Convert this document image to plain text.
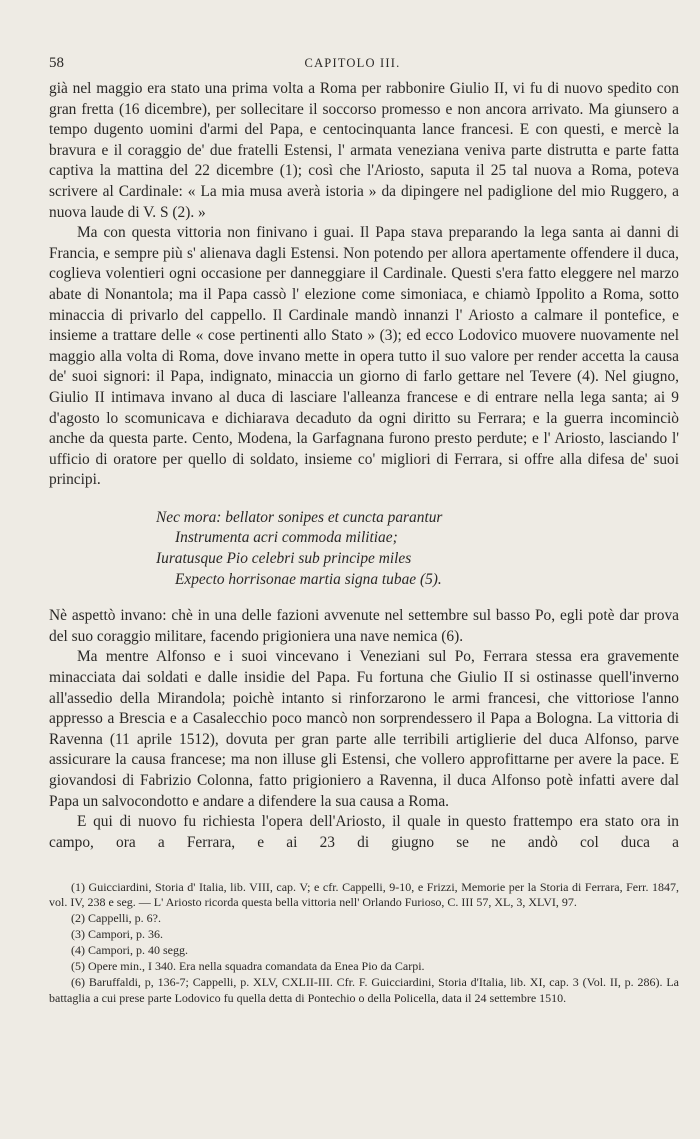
58	CAPITOLO III.

già nel maggio era stato una prima volta a Roma per rabbonire Giulio II, vi fu di nuovo spedito con gran fretta (16 dicembre), per sollecitare il soccorso promesso e non ancora arrivato. Ma giunsero a tempo dugento uomini d'armi del Papa, e centocinquanta lance francesi. E con questi, e mercè la bravura e il coraggio de' due fratelli Estensi, l' armata veneziana veniva parte distrutta e parte fatta captiva la mattina del 22 dicembre (1); così che l'Ariosto, saputa il 25 tal nuova a Roma, poteva scrivere al Cardinale: « La mia musa averà istoria » da dipingere nel padiglione del mio Ruggero, a nuova laude di V. S (2). »

Ma con questa vittoria non finivano i guai. Il Papa stava preparando la lega santa ai danni di Francia, e sempre più s' alienava dagli Estensi. Non potendo per allora apertamente offendere il duca, coglieva volentieri ogni occasione per danneggiare il Cardinale. Questi s'era fatto eleggere nel marzo abate di Nonantola; ma il Papa cassò l' elezione come simoniaca, e chiamò Ippolito a Roma, sotto minaccia di privarlo del cappello. Il Cardinale mandò innanzi l' Ariosto a calmare il pontefice, e insieme a trattare delle « cose pertinenti allo Stato » (3); ed ecco Lodovico muovere nuovamente nel maggio alla volta di Roma, dove invano mette in opera tutto il suo valore per render accetta la causa de' suoi signori: il Papa, indignato, minaccia un giorno di farlo gettare nel Tevere (4). Nel giugno, Giulio II intimava invano al duca di lasciare l'alleanza francese e di entrare nella lega santa; ai 9 d'agosto lo scomunicava e dichiarava decaduto da ogni diritto su Ferrara; e la guerra incominciò anche da questa parte. Cento, Modena, la Garfagnana furono presto perdute; e l' Ariosto, lasciando l' ufficio di oratore per quello di soldato, insieme co' migliori di Ferrara, si offre alla difesa de' suoi principi.

Nec mora: bellator sonipes et cuncta parantur
Instrumenta acri commoda militiae;
Iuratusque Pio celebri sub principe miles
Expecto horrisonae martia signa tubae (5).

Nè aspettò invano: chè in una delle fazioni avvenute nel settembre sul basso Po, egli potè dar prova del suo coraggio militare, facendo prigioniera una nave nemica (6).

Ma mentre Alfonso e i suoi vincevano i Veneziani sul Po, Ferrara stessa era gravemente minacciata dai soldati e dalle insidie del Papa. Fu fortuna che Giulio II si ostinasse quell'inverno all'assedio della Mirandola; poichè intanto si rinforzarono le armi francesi, che vittoriose l'anno appresso a Brescia e a Casalecchio poco mancò non sorprendessero il Papa a Bologna. La vittoria di Ravenna (11 aprile 1512), dovuta per gran parte alle terribili artiglierie del duca Alfonso, parve assicurare la causa francese; ma non illuse gli Estensi, che vollero approfittarne per avere la pace. E giovandosi di Fabrizio Colonna, fatto prigioniero a Ravenna, il duca Alfonso potè infatti avere dal Papa un salvocondotto e andare a difendere la sua causa a Roma.

E qui di nuovo fu richiesta l'opera dell'Ariosto, il quale in questo frattempo era stato ora in campo, ora a Ferrara, e ai 23 di giugno se ne andò col duca a

(1) Guicciardini, Storia d' Italia, lib. VIII, cap. V; e cfr. Cappelli, 9-10, e Frizzi, Memorie per la Storia di Ferrara, Ferr. 1847, vol. IV, 238 e seg. — L' Ariosto ricorda questa bella vittoria nell' Orlando Furioso, C. III 57, XL, 3, XLVI, 97.

(2) Cappelli, p. 6?.

(3) Campori, p. 36.

(4) Campori, p. 40 segg.

(5) Opere min., I 340. Era nella squadra comandata da Enea Pio da Carpi.

(6) Baruffaldi, p, 136-7; Cappelli, p. XLV, CXLII-III. Cfr. F. Guicciardini, Storia d'Italia, lib. XI, cap. 3 (Vol. II, p. 286). La battaglia a cui prese parte Lodovico fu quella detta di Pontechio o della Policella, data il 24 settembre 1510.
